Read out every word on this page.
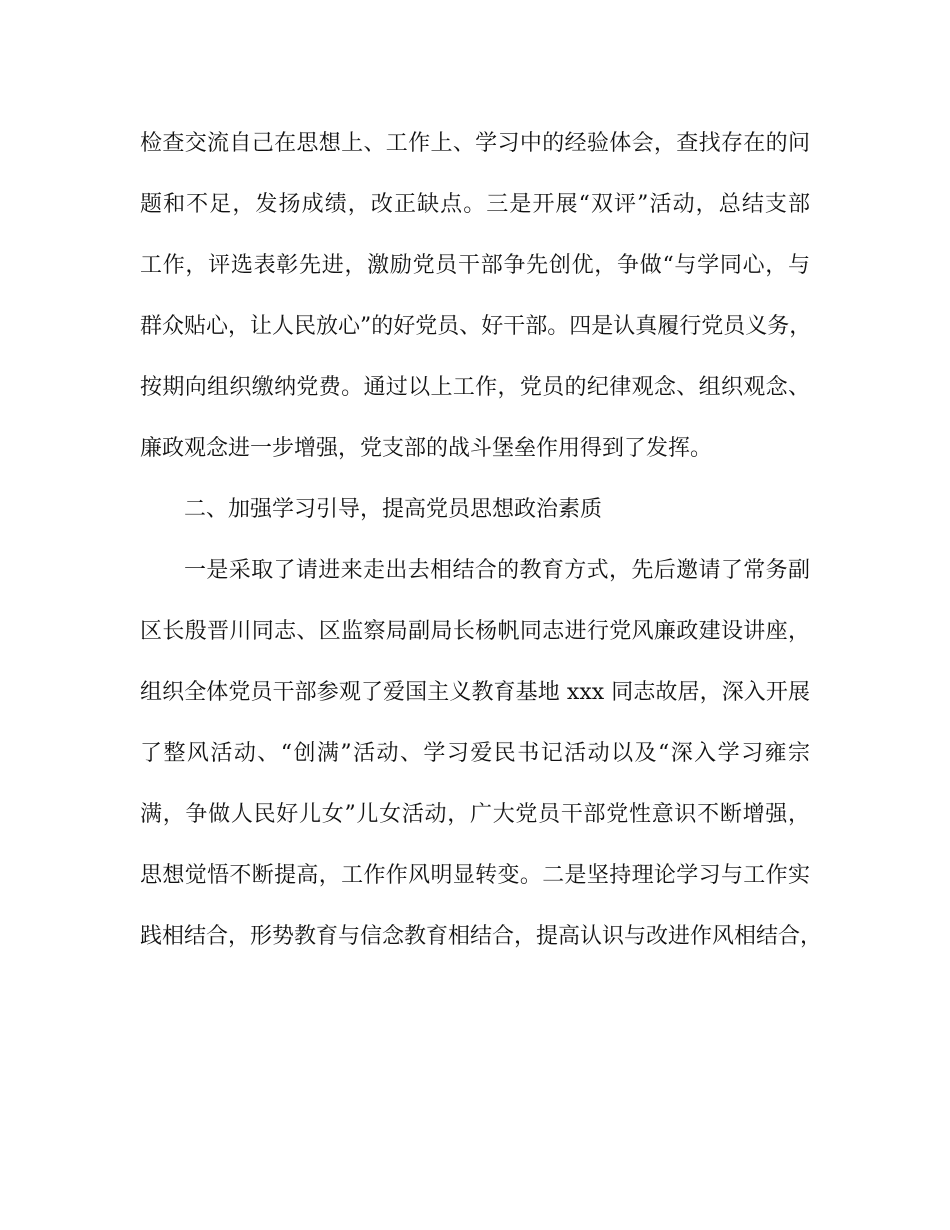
检查交流自己在思想上、工作上、学习中的经验体会，查找存在的问
题和不足，发扬成绩，改正缺点。三是开展“双评”活动，总结支部
工作，评选表彰先进，激励党员干部争先创优，争做“与学同心，与
群众贴心，让人民放心”的好党员、好干部。四是认真履行党员义务，
按期向组织缴纳党费。通过以上工作，党员的纪律观念、组织观念、
廉政观念进一步增强，党支部的战斗堡垒作用得到了发挥。
二、加强学习引导，提高党员思想政治素质
一是采取了请进来走出去相结合的教育方式，先后邀请了常务副
区长殷晋川同志、区监察局副局长杨帆同志进行党风廉政建设讲座，
组织全体党员干部参观了爱国主义教育基地 xxx 同志故居，深入开展
了整风活动、“创满”活动、学习爱民书记活动以及“深入学习雍宗
满，争做人民好儿女”儿女活动，广大党员干部党性意识不断增强，
思想觉悟不断提高，工作作风明显转变。二是坚持理论学习与工作实
践相结合，形势教育与信念教育相结合，提高认识与改进作风相结合，
